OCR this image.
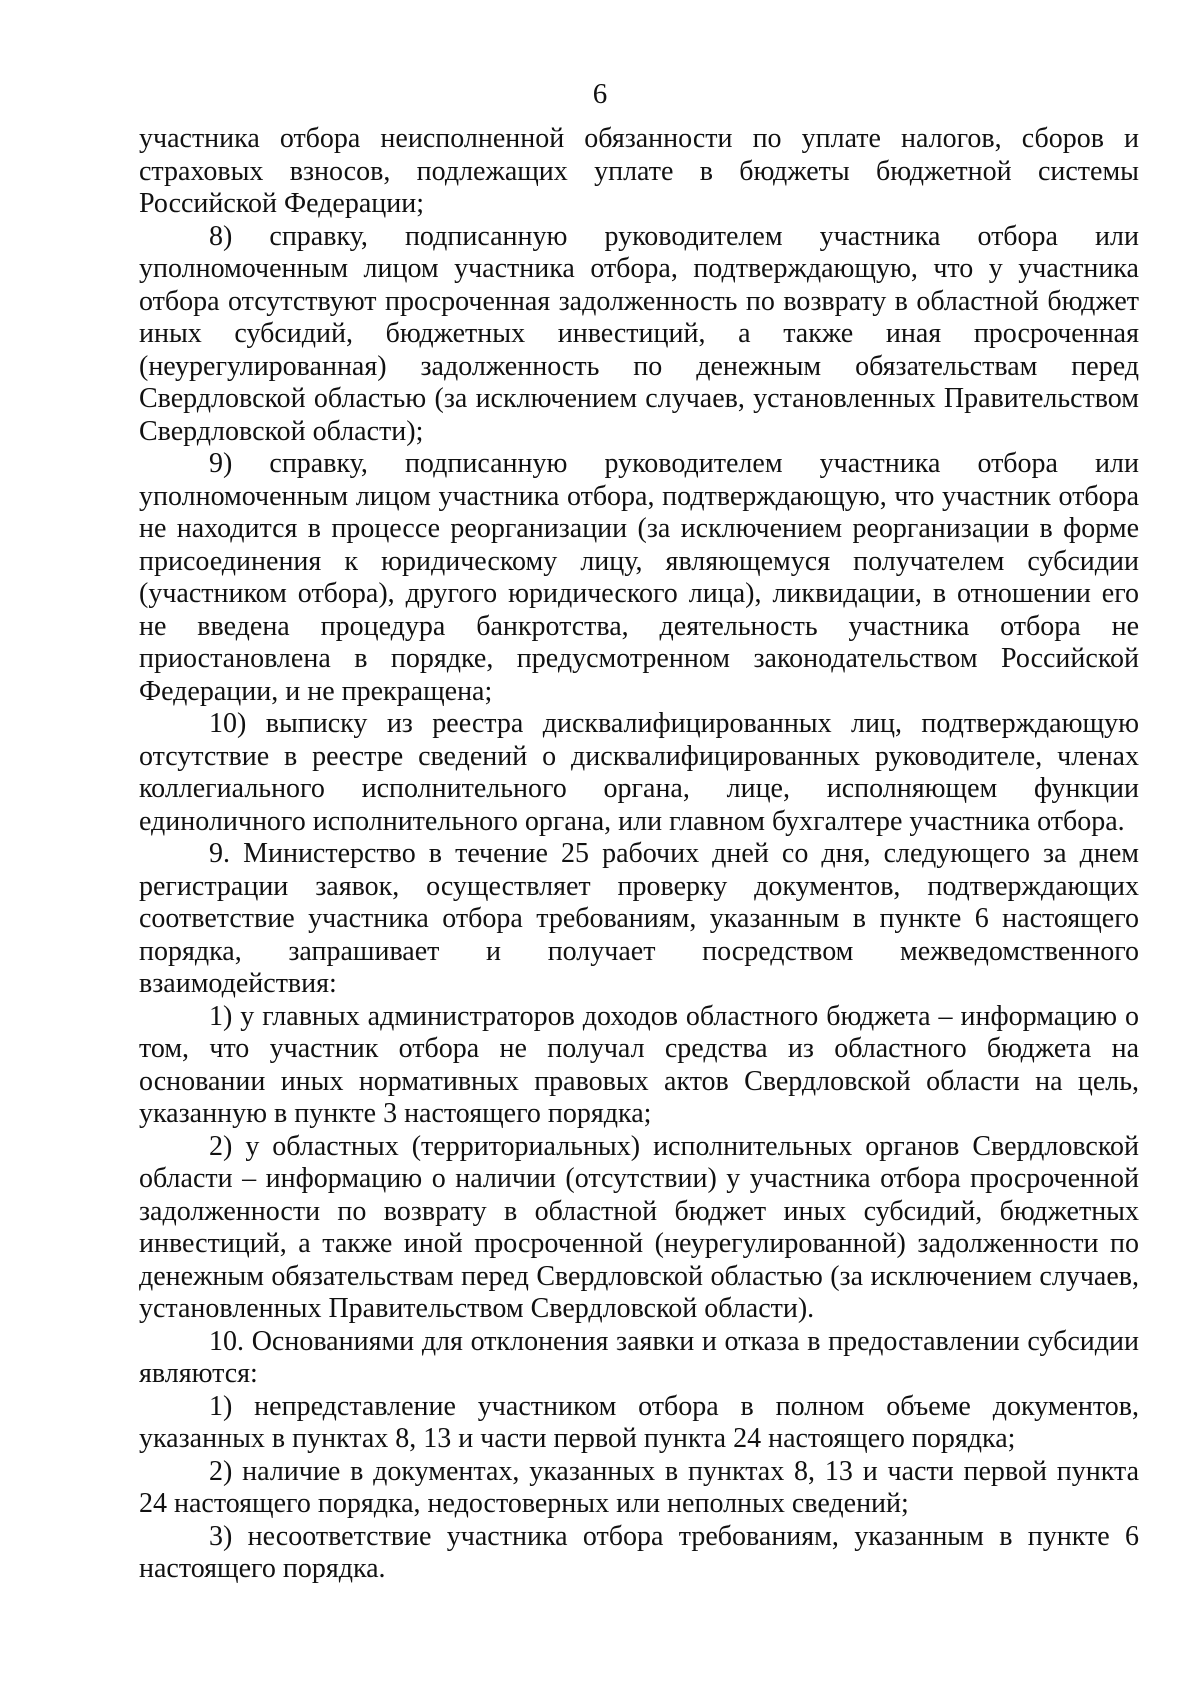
6

участника отбора неисполненной обязанности по уплате налогов, сборов и страховых взносов, подлежащих уплате в бюджеты бюджетной системы Российской Федерации;

8) справку, подписанную руководителем участника отбора или уполномоченным лицом участника отбора, подтверждающую, что у участника отбора отсутствуют просроченная задолженность по возврату в областной бюджет иных субсидий, бюджетных инвестиций, а также иная просроченная (неурегулированная) задолженность по денежным обязательствам перед Свердловской областью (за исключением случаев, установленных Правительством Свердловской области);

9) справку, подписанную руководителем участника отбора или уполномоченным лицом участника отбора, подтверждающую, что участник отбора не находится в процессе реорганизации (за исключением реорганизации в форме присоединения к юридическому лицу, являющемуся получателем субсидии (участником отбора), другого юридического лица), ликвидации, в отношении его не введена процедура банкротства, деятельность участника отбора не приостановлена в порядке, предусмотренном законодательством Российской Федерации, и не прекращена;

10) выписку из реестра дисквалифицированных лиц, подтверждающую отсутствие в реестре сведений о дисквалифицированных руководителе, членах коллегиального исполнительного органа, лице, исполняющем функции единоличного исполнительного органа, или главном бухгалтере участника отбора.

9. Министерство в течение 25 рабочих дней со дня, следующего за днем регистрации заявок, осуществляет проверку документов, подтверждающих соответствие участника отбора требованиям, указанным в пункте 6 настоящего порядка, запрашивает и получает посредством межведомственного взаимодействия:

1) у главных администраторов доходов областного бюджета – информацию о том, что участник отбора не получал средства из областного бюджета на основании иных нормативных правовых актов Свердловской области на цель, указанную в пункте 3 настоящего порядка;

2) у областных (территориальных) исполнительных органов Свердловской области – информацию о наличии (отсутствии) у участника отбора просроченной задолженности по возврату в областной бюджет иных субсидий, бюджетных инвестиций, а также иной просроченной (неурегулированной) задолженности по денежным обязательствам перед Свердловской областью (за исключением случаев, установленных Правительством Свердловской области).

10. Основаниями для отклонения заявки и отказа в предоставлении субсидии являются:

1) непредставление участником отбора в полном объеме документов, указанных в пунктах 8, 13 и части первой пункта 24 настоящего порядка;

2) наличие в документах, указанных в пунктах 8, 13 и части первой пункта 24 настоящего порядка, недостоверных или неполных сведений;

3) несоответствие участника отбора требованиям, указанным в пункте 6 настоящего порядка.
